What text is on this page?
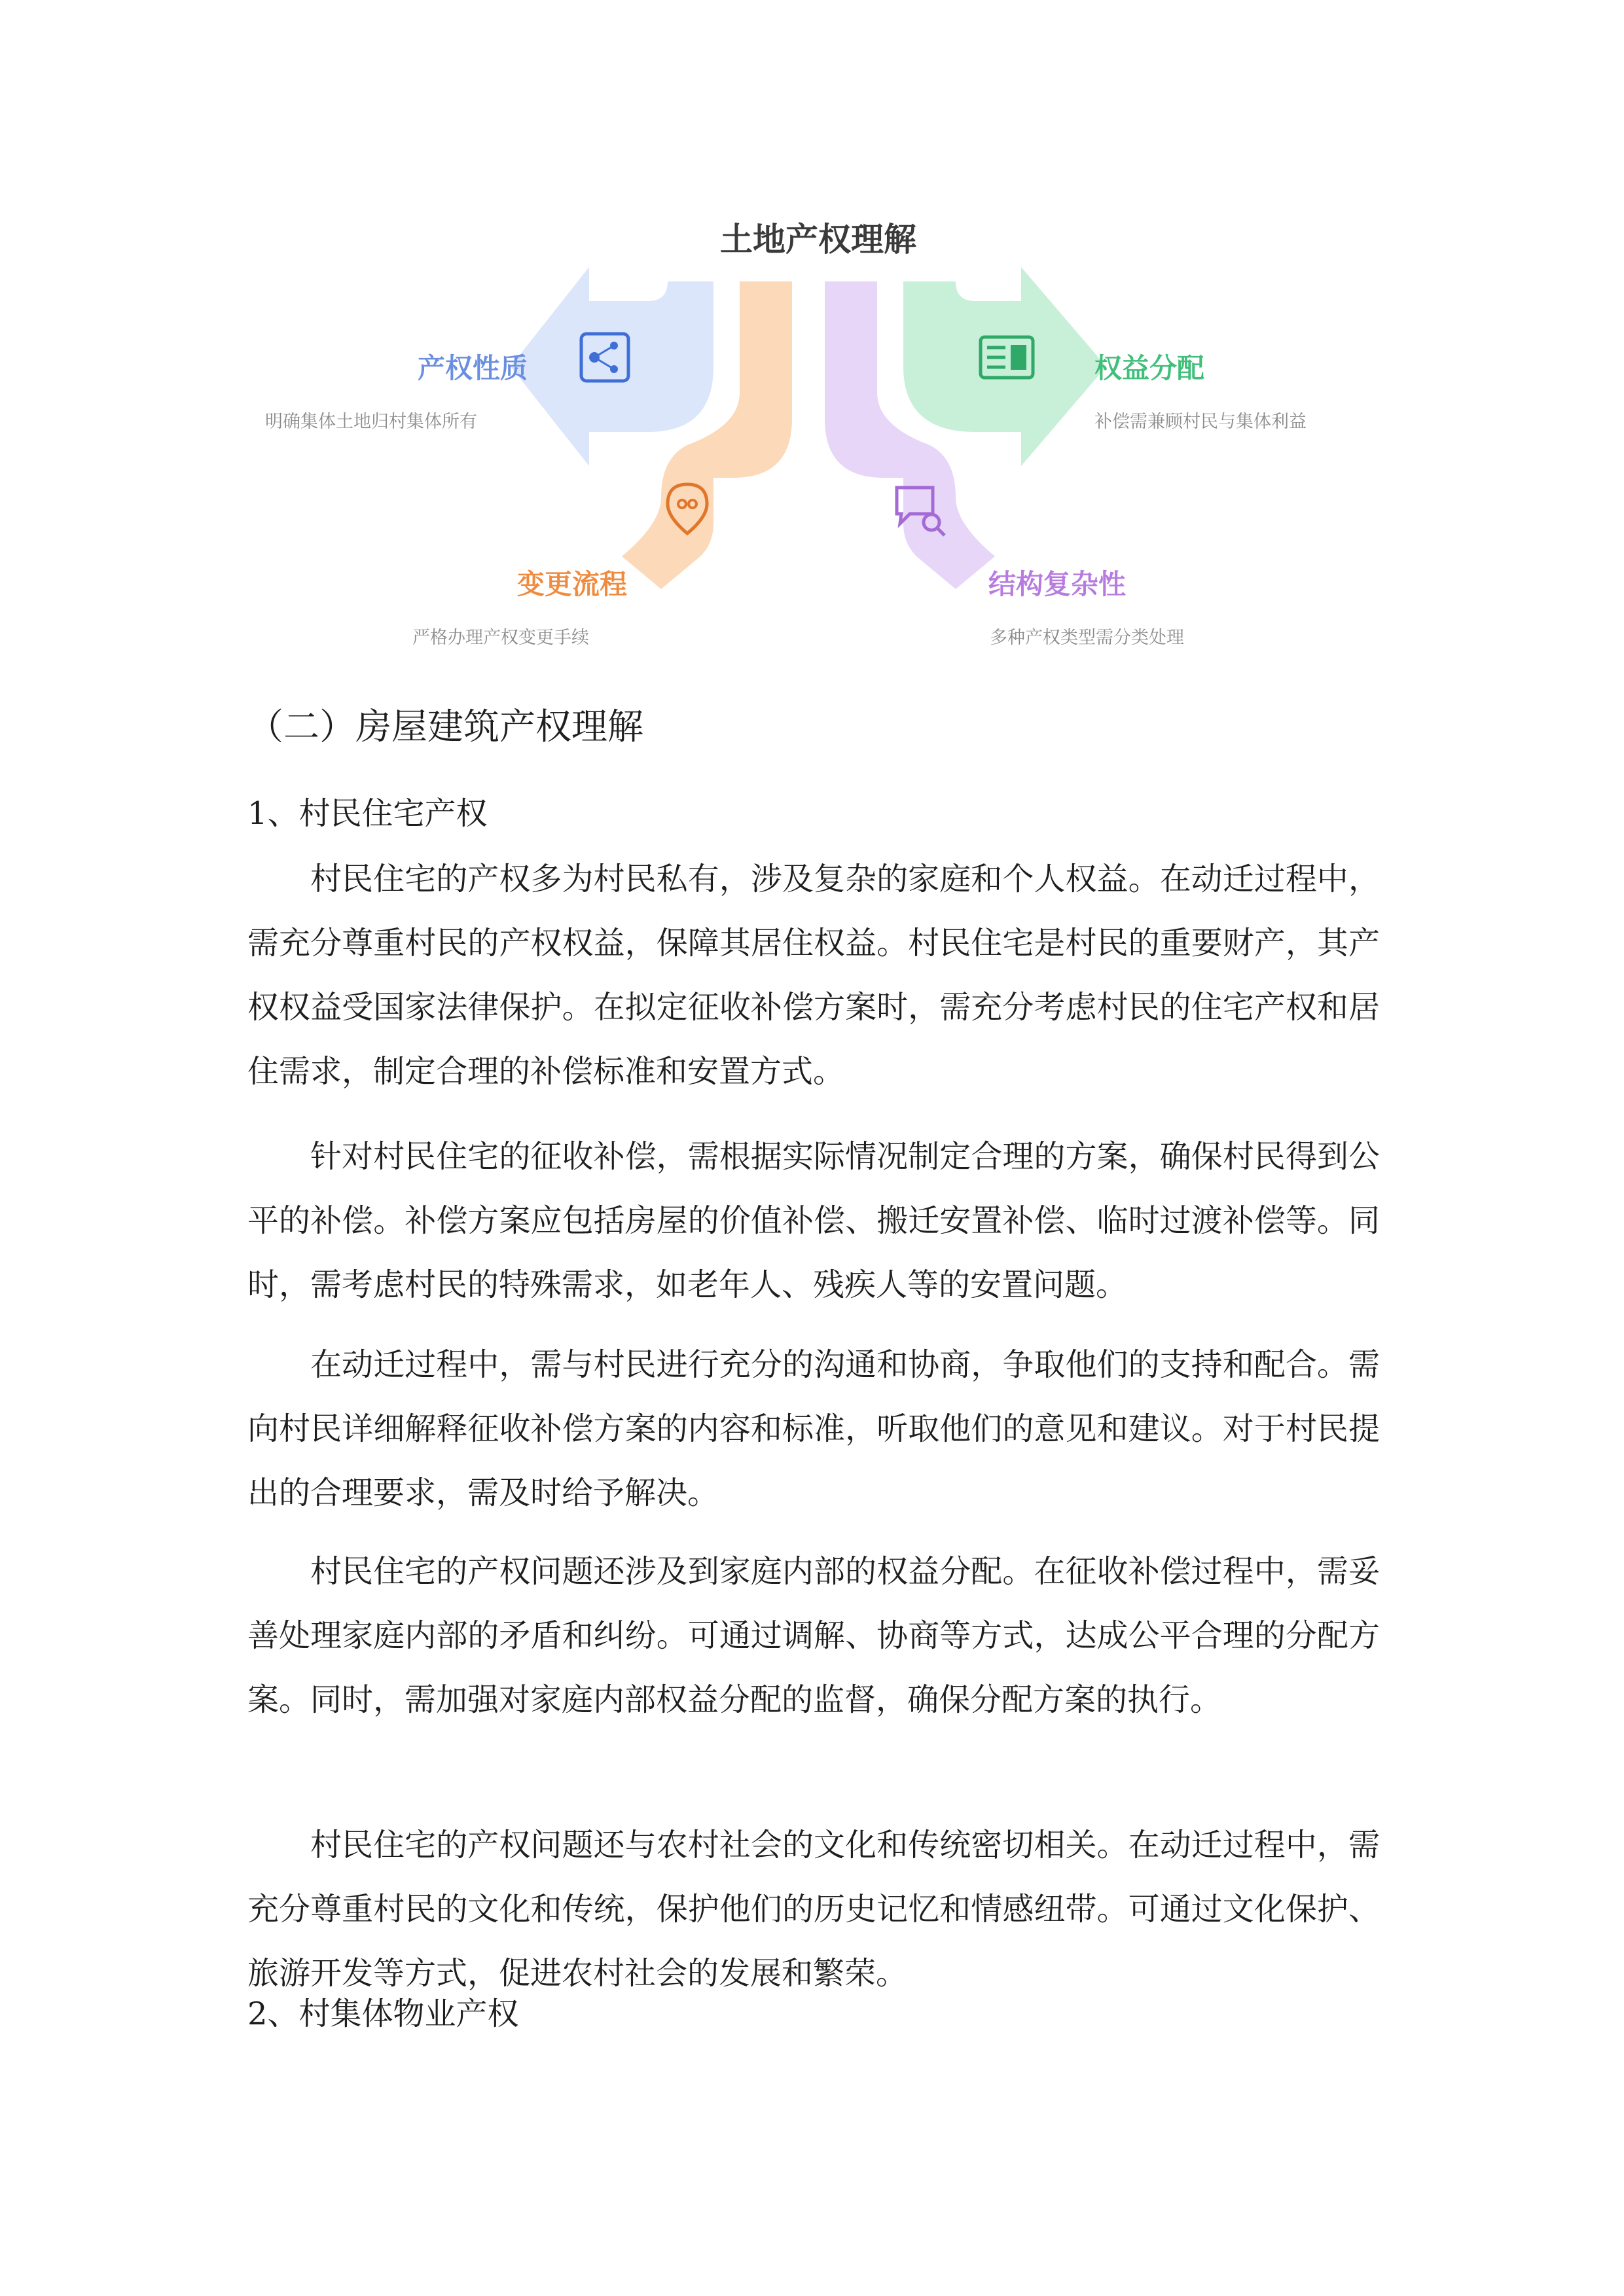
土地产权理解
产权性质
明确集体土地归村集体所有
变更流程
严格办理产权变更手续
结构复杂性
多种产权类型需分类处理
权益分配
补偿需兼顾村民与集体利益
（二）房屋建筑产权理解
1、村民住宅产权

村民住宅的产权多为村民私有，涉及复杂的家庭和个人权益。在动迁过程中，需充分尊重村民的产权权益，保障其居住权益。村民住宅是村民的重要财产，其产权权益受国家法律保护。在拟定征收补偿方案时，需充分考虑村民的住宅产权和居住需求，制定合理的补偿标准和安置方式。

针对村民住宅的征收补偿，需根据实际情况制定合理的方案，确保村民得到公平的补偿。补偿方案应包括房屋的价值补偿、搬迁安置补偿、临时过渡补偿等。同时，需考虑村民的特殊需求，如老年人、残疾人等的安置问题。

在动迁过程中，需与村民进行充分的沟通和协商，争取他们的支持和配合。需向村民详细解释征收补偿方案的内容和标准，听取他们的意见和建议。对于村民提出的合理要求，需及时给予解决。

村民住宅的产权问题还涉及到家庭内部的权益分配。在征收补偿过程中，需妥善处理家庭内部的矛盾和纠纷。可通过调解、协商等方式，达成公平合理的分配方案。同时，需加强对家庭内部权益分配的监督，确保分配方案的执行。

村民住宅的产权问题还与农村社会的文化和传统密切相关。在动迁过程中，需充分尊重村民的文化和传统，保护他们的历史记忆和情感纽带。可通过文化保护、旅游开发等方式，促进农村社会的发展和繁荣。

2、村集体物业产权
